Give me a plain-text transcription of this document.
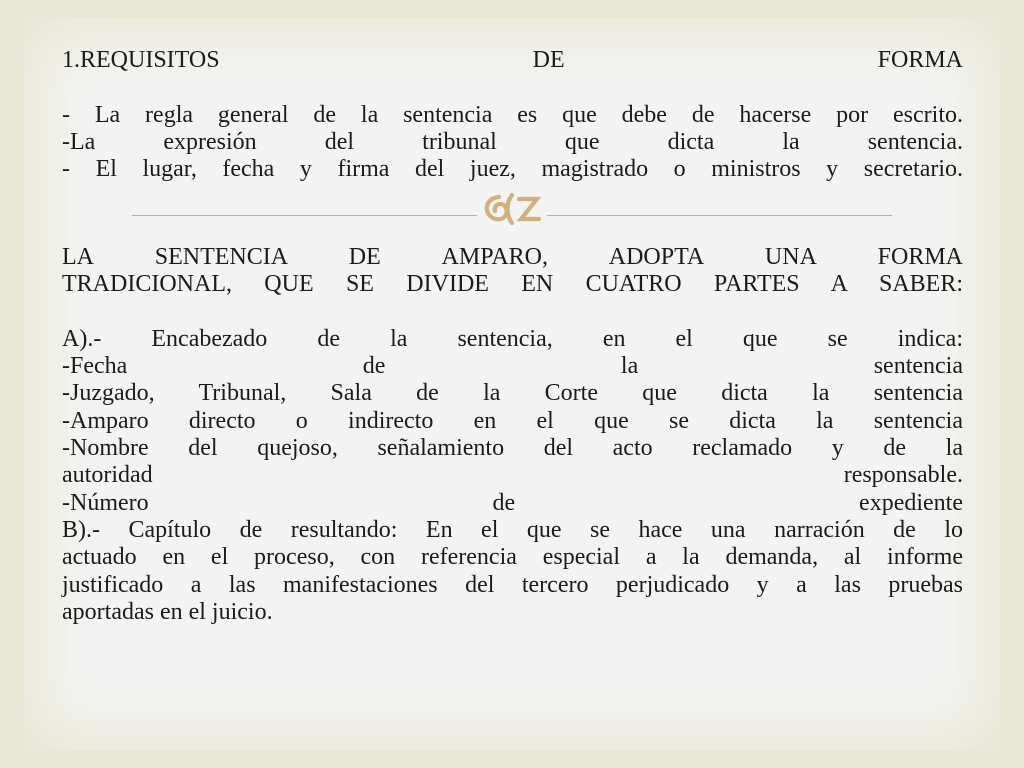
1.REQUISITOS	DE	FORMA
- La regla general de la sentencia es que debe de hacerse por escrito.
-La expresión del tribunal que dicta la sentencia.
- El lugar, fecha y firma del juez, magistrado o ministros y secretario.
LA SENTENCIA DE AMPARO, ADOPTA UNA FORMA
TRADICIONAL, QUE SE DIVIDE EN CUATRO PARTES A SABER:
A).- Encabezado de la sentencia, en el que se indica:
-Fecha de la sentencia
-Juzgado, Tribunal, Sala de la Corte que dicta la sentencia
-Amparo directo o indirecto en el que se dicta la sentencia
-Nombre del quejoso, señalamiento del acto reclamado y de la
autoridad responsable.
-Número de expediente
B).- Capítulo de resultando: En el que se hace una narración de lo
actuado en el proceso, con referencia especial a la demanda, al informe
justificado a las manifestaciones del tercero perjudicado y a las pruebas
aportadas en el juicio.
